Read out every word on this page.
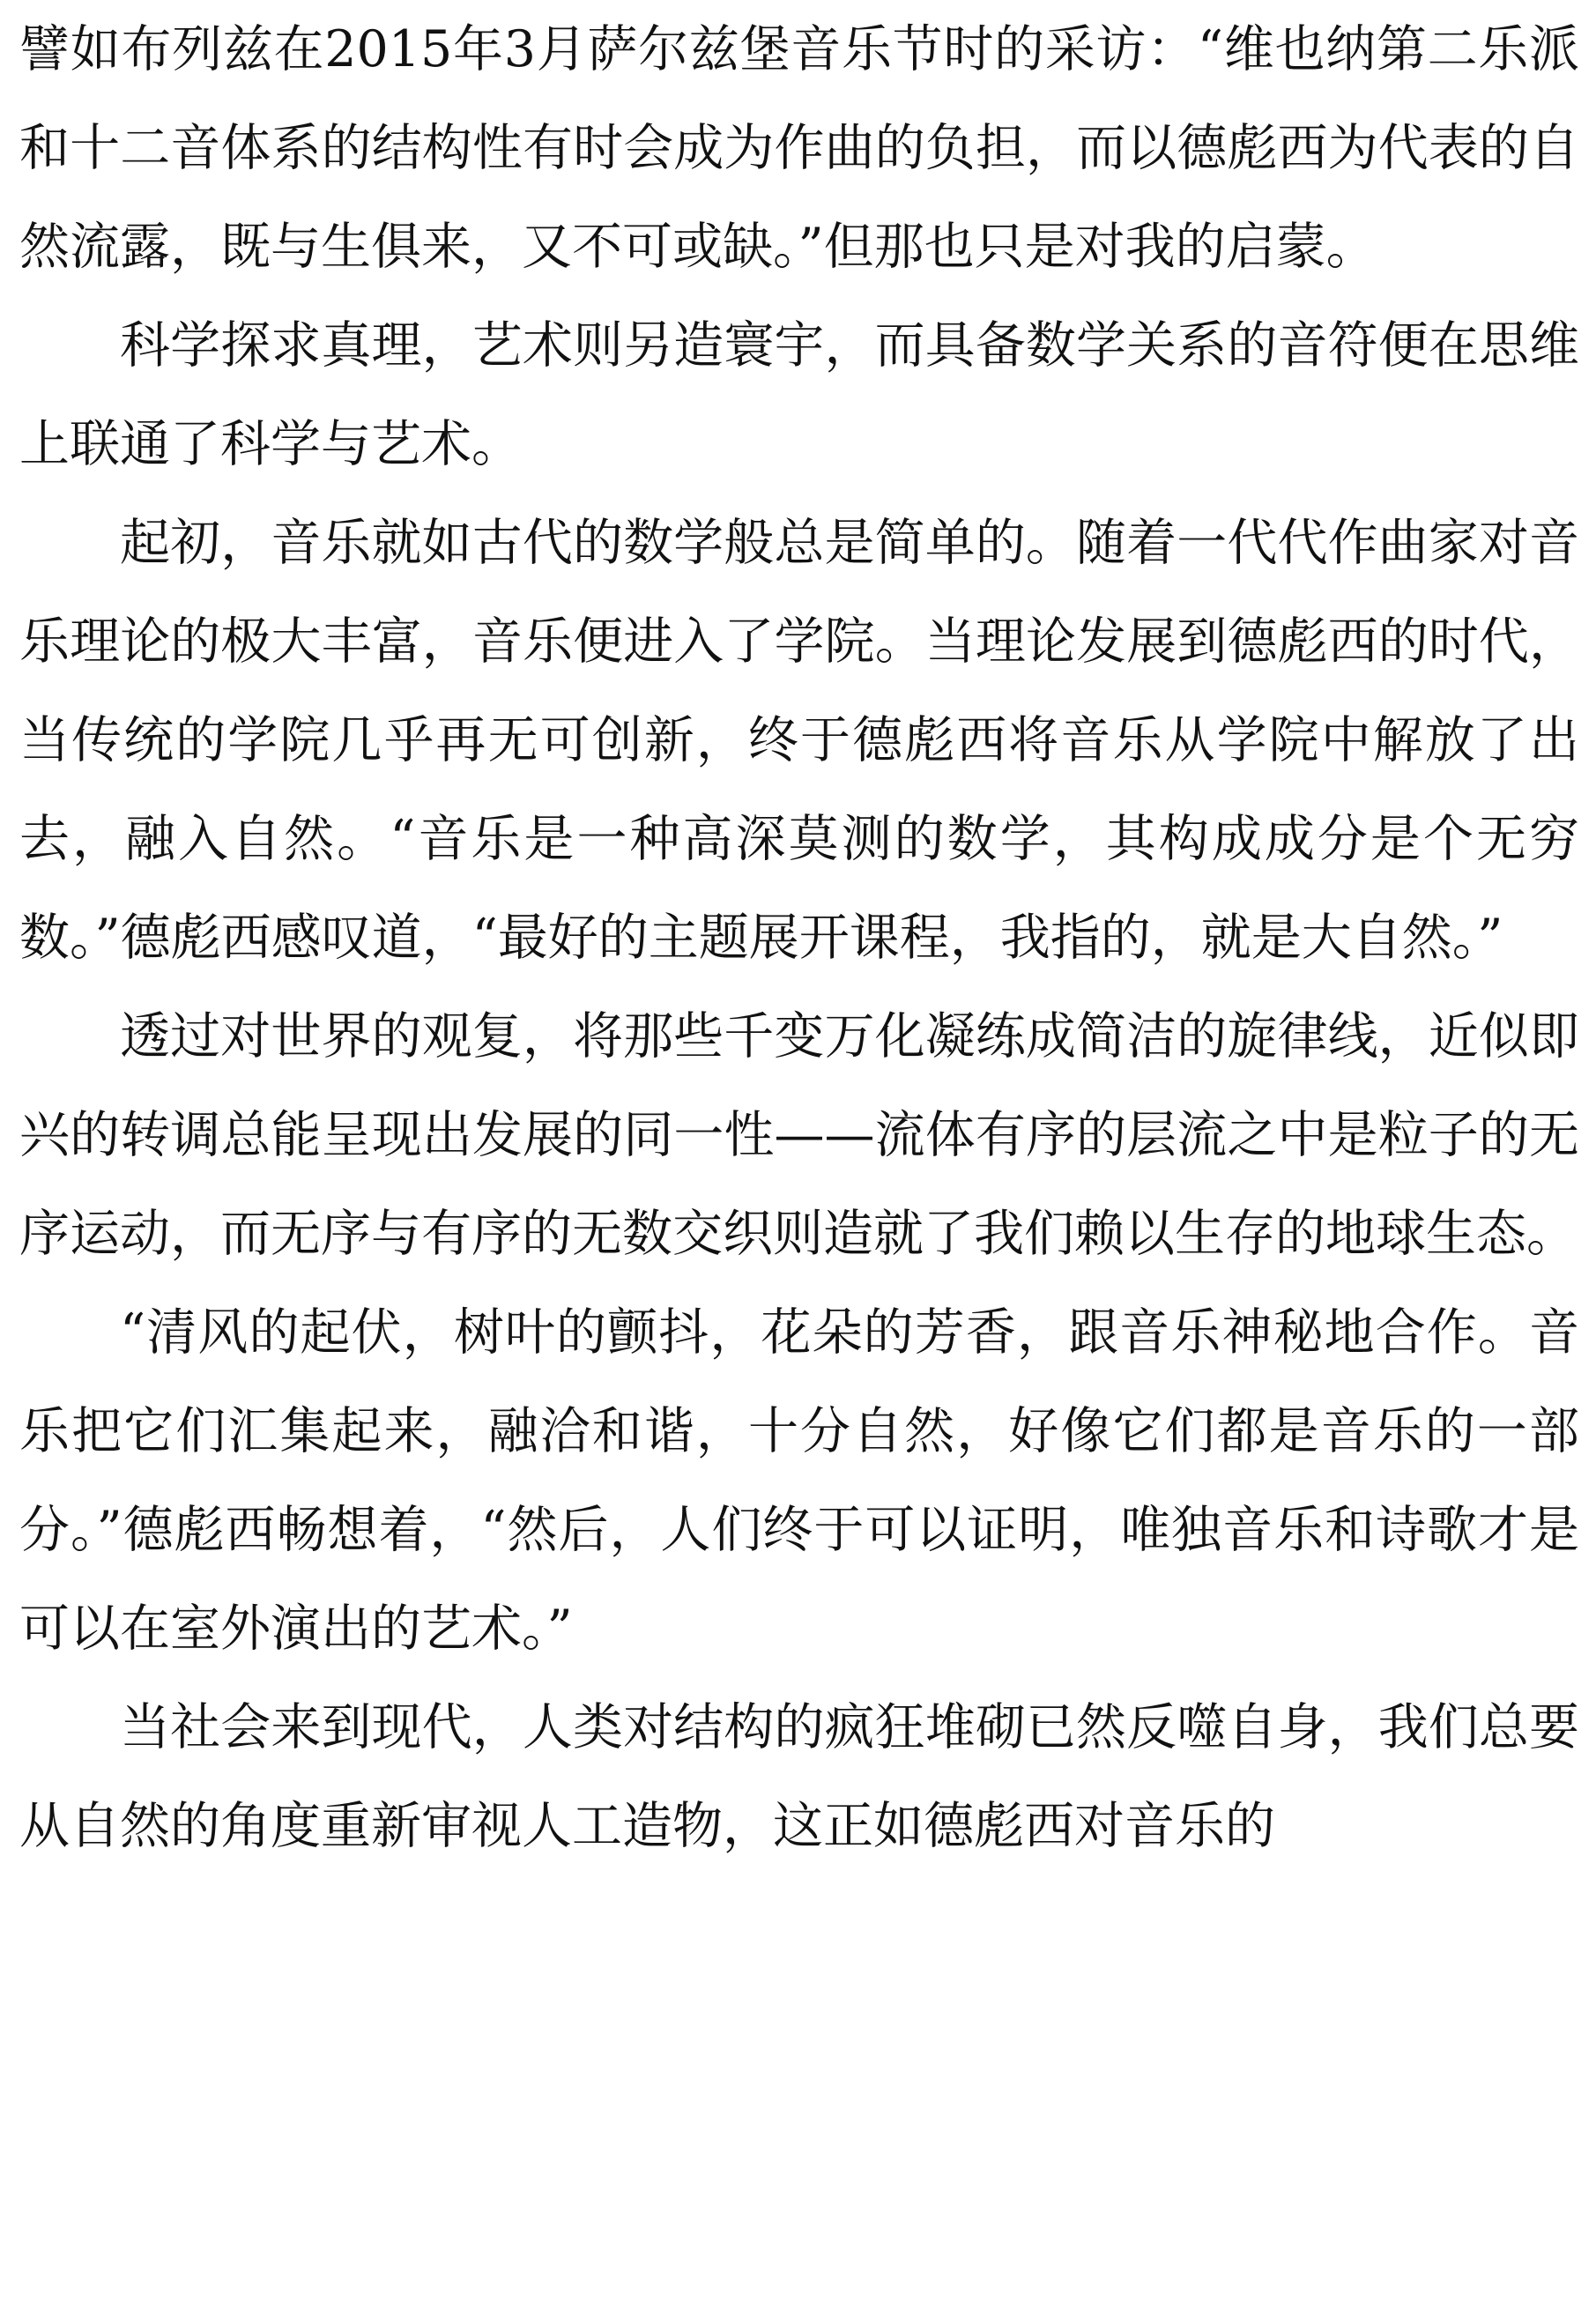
譬如布列兹在2015年3月萨尔兹堡音乐节时的采访：“维也纳第二乐派和十二音体系的结构性有时会成为作曲的负担，而以德彪西为代表的自然流露，既与生俱来，又不可或缺。”但那也只是对我的启蒙。

科学探求真理，艺术则另造寰宇，而具备数学关系的音符便在思维上联通了科学与艺术。

起初，音乐就如古代的数学般总是简单的。随着一代代作曲家对音乐理论的极大丰富，音乐便进入了学院。当理论发展到德彪西的时代，当传统的学院几乎再无可创新，终于德彪西将音乐从学院中解放了出去，融入自然。“音乐是一种高深莫测的数学，其构成成分是个无穷数。”德彪西感叹道，“最好的主题展开课程，我指的，就是大自然。”

透过对世界的观复，将那些千变万化凝练成简洁的旋律线，近似即兴的转调总能呈现出发展的同一性——流体有序的层流之中是粒子的无序运动，而无序与有序的无数交织则造就了我们赖以生存的地球生态。

“清风的起伏，树叶的颤抖，花朵的芳香，跟音乐神秘地合作。音乐把它们汇集起来，融洽和谐，十分自然，好像它们都是音乐的一部分。”德彪西畅想着，“然后，人们终于可以证明，唯独音乐和诗歌才是可以在室外演出的艺术。”

当社会来到现代，人类对结构的疯狂堆砌已然反噬自身，我们总要从自然的角度重新审视人工造物，这正如德彪西对音乐的
